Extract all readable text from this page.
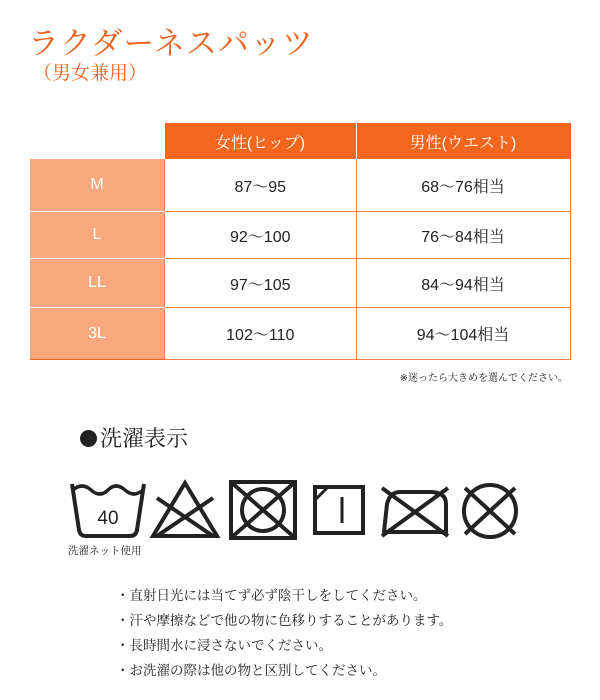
ラクダーネスパッツ
（男女兼用）
	女性(ヒップ)	男性(ウエスト)
M	87〜95	68〜76相当
L	92〜100	76〜84相当
LL	97〜105	84〜94相当
3L	102〜110	94〜104相当
※迷ったら大きめを選んでください。
洗濯表示
40
洗濯ネット使用
・直射日光には当てず必ず陰干しをしてください。
・汗や摩擦などで他の物に色移りすることがあります。
・長時間水に浸さないでください。
・お洗濯の際は他の物と区別してください。
